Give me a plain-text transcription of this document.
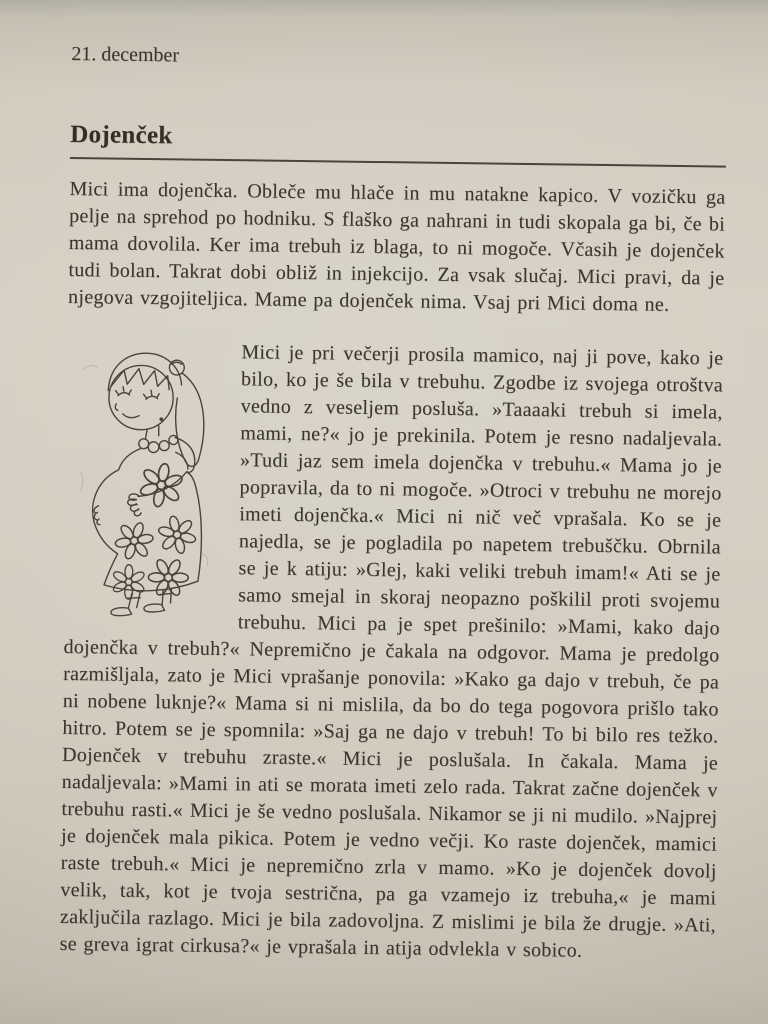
21. december
Dojenček

Mici ima dojenčka. Obleče mu hlače in mu natakne kapico. V vozičku ga pelje na sprehod po hodniku. S flaško ga nahrani in tudi skopala ga bi, če bi mama dovolila. Ker ima trebuh iz blaga, to ni mogoče. Včasih je dojenček tudi bolan. Takrat dobi obliž in injekcijo. Za vsak slučaj. Mici pravi, da je njegova vzgojiteljica. Mame pa dojenček nima. Vsaj pri Mici doma ne.

Mici je pri večerji prosila mamico, naj ji pove, kako je bilo, ko je še bila v trebuhu. Zgodbe iz svojega otroštva vedno z veseljem posluša. »Taaaaki trebuh si imela, mami, ne?« jo je prekinila. Potem je resno nadaljevala. »Tudi jaz sem imela dojenčka v trebuhu.« Mama jo je popravila, da to ni mogoče. »Otroci v trebuhu ne morejo imeti dojenčka.« Mici ni nič več vprašala. Ko se je najedla, se je pogladila po napetem trebuščku. Obrnila se je k atiju: »Glej, kaki veliki trebuh imam!« Ati se je samo smejal in skoraj neopazno poškilil proti svojemu trebuhu. Mici pa je spet prešinilo: »Mami, kako dajo dojenčka v trebuh?« Nepremično je čakala na odgovor. Mama je predolgo razmišljala, zato je Mici vprašanje ponovila: »Kako ga dajo v trebuh, če pa ni nobene luknje?« Mama si ni mislila, da bo do tega pogovora prišlo tako hitro. Potem se je spomnila: »Saj ga ne dajo v trebuh! To bi bilo res težko. Dojenček v trebuhu zraste.« Mici je poslušala. In čakala. Mama je nadaljevala: »Mami in ati se morata imeti zelo rada. Takrat začne dojenček v trebuhu rasti.« Mici je še vedno poslušala. Nikamor se ji ni mudilo. »Najprej je dojenček mala pikica. Potem je vedno večji. Ko raste dojenček, mamici raste trebuh.« Mici je nepremično zrla v mamo. »Ko je dojenček dovolj velik, tak, kot je tvoja sestrična, pa ga vzamejo iz trebuha,« je mami zaključila razlago. Mici je bila zadovoljna. Z mislimi je bila že drugje. »Ati, se greva igrat cirkusa?« je vprašala in atija odvlekla v sobico.
